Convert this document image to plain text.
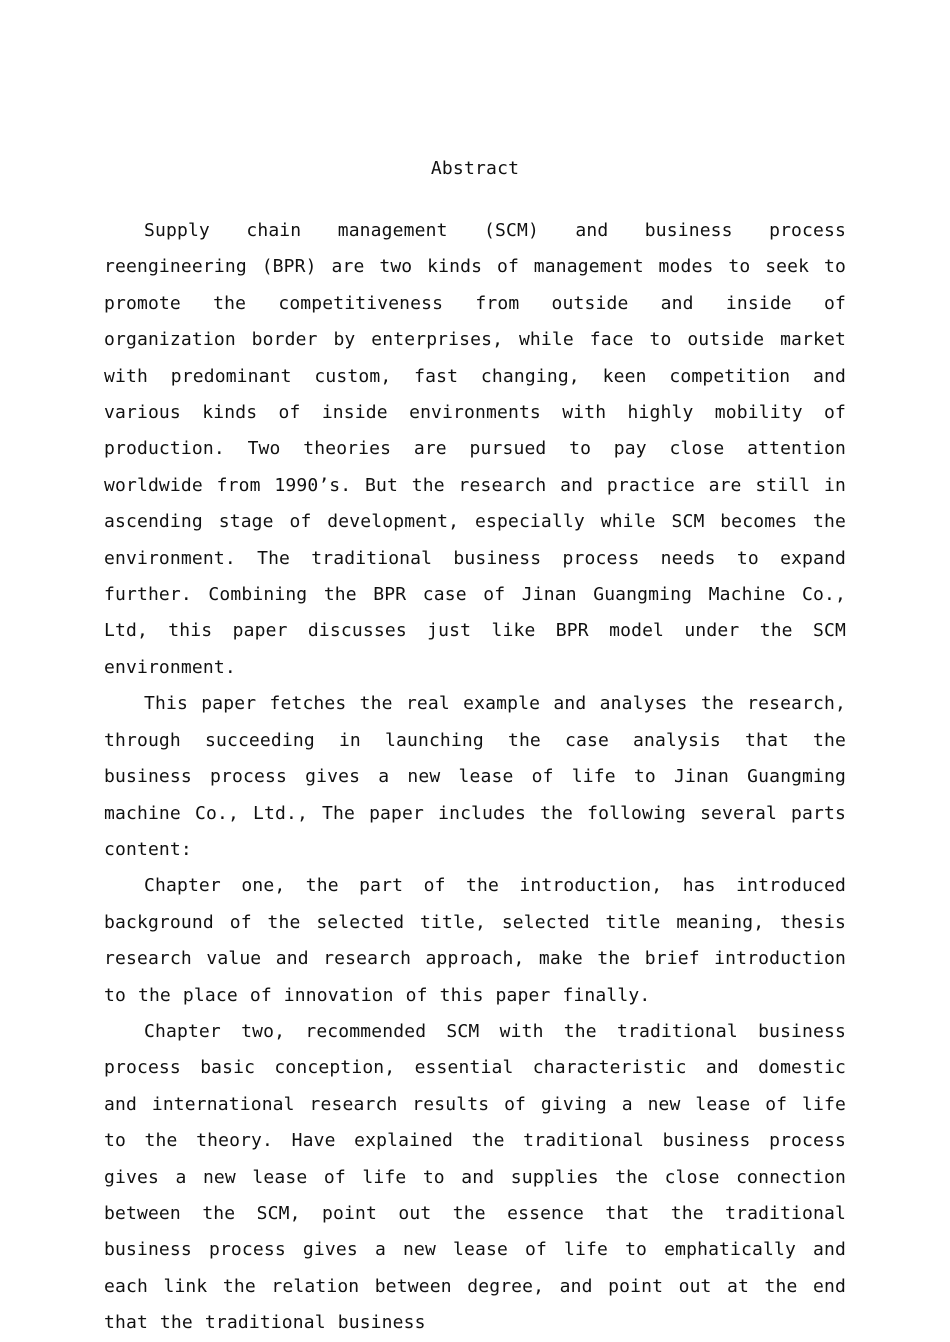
Abstract

Supply chain management (SCM) and business process reengineering (BPR) are two kinds of management modes to seek to promote the competitiveness from outside and inside of organization border by enterprises, while face to outside market with predominant custom, fast changing, keen competition and various kinds of inside environments with highly mobility of production. Two theories are pursued to pay close attention worldwide from 1990’s. But the research and practice are still in ascending stage of development, especially while SCM becomes the environment. The traditional business process needs to expand further. Combining the BPR case of Jinan Guangming Machine Co., Ltd, this paper discusses just like BPR model under the SCM environment.

This paper fetches the real example and analyses the research, through succeeding in launching the case analysis that the business process gives a new lease of life to Jinan Guangming machine Co., Ltd., The paper includes the following several parts content:

Chapter one, the part of the introduction, has introduced background of the selected title, selected title meaning, thesis research value and research approach, make the brief introduction to the place of innovation of this paper finally.

Chapter two, recommended SCM with the traditional business process basic conception, essential characteristic and domestic and international research results of giving a new lease of life to the theory. Have explained the traditional business process gives a new lease of life to and supplies the close connection between the SCM, point out the essence that the traditional business process gives a new lease of life to emphatically and each link the relation between degree, and point out at the end that the traditional business
